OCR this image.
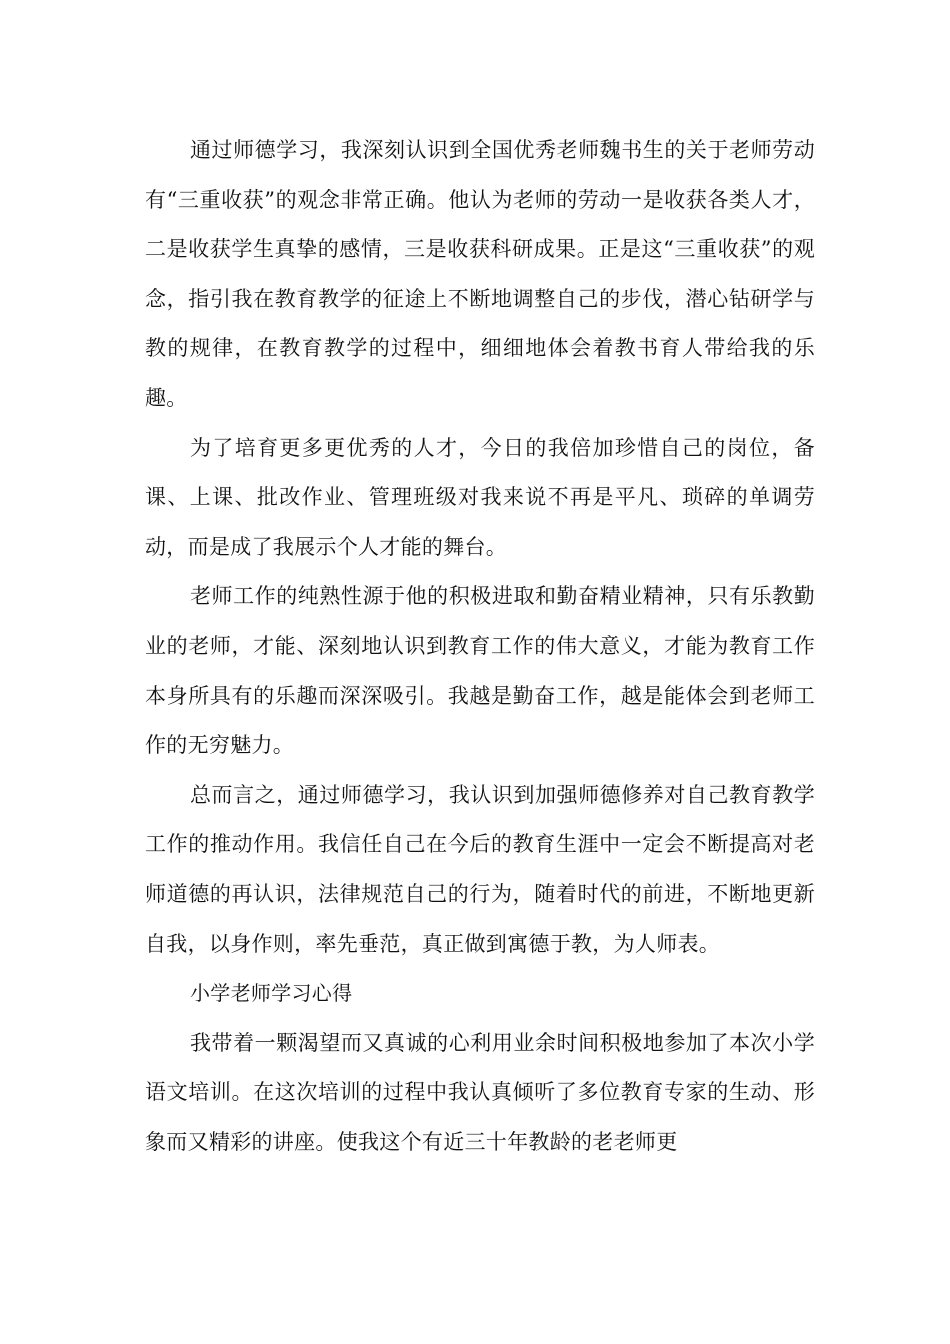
通过师德学习，我深刻认识到全国优秀老师魏书生的关于老师劳动有“三重收获”的观念非常正确。他认为老师的劳动一是收获各类人才，二是收获学生真挚的感情，三是收获科研成果。正是这“三重收获”的观念，指引我在教育教学的征途上不断地调整自己的步伐，潜心钻研学与教的规律，在教育教学的过程中，细细地体会着教书育人带给我的乐趣。

为了培育更多更优秀的人才，今日的我倍加珍惜自己的岗位，备课、上课、批改作业、管理班级对我来说不再是平凡、琐碎的单调劳动，而是成了我展示个人才能的舞台。

老师工作的纯熟性源于他的积极进取和勤奋精业精神，只有乐教勤业的老师，才能、深刻地认识到教育工作的伟大意义，才能为教育工作本身所具有的乐趣而深深吸引。我越是勤奋工作，越是能体会到老师工作的无穷魅力。

总而言之，通过师德学习，我认识到加强师德修养对自己教育教学工作的推动作用。我信任自己在今后的教育生涯中一定会不断提高对老师道德的再认识，法律规范自己的行为，随着时代的前进，不断地更新自我，以身作则，率先垂范，真正做到寓德于教，为人师表。

小学老师学习心得

我带着一颗渴望而又真诚的心利用业余时间积极地参加了本次小学语文培训。在这次培训的过程中我认真倾听了多位教育专家的生动、形象而又精彩的讲座。使我这个有近三十年教龄的老老师更
